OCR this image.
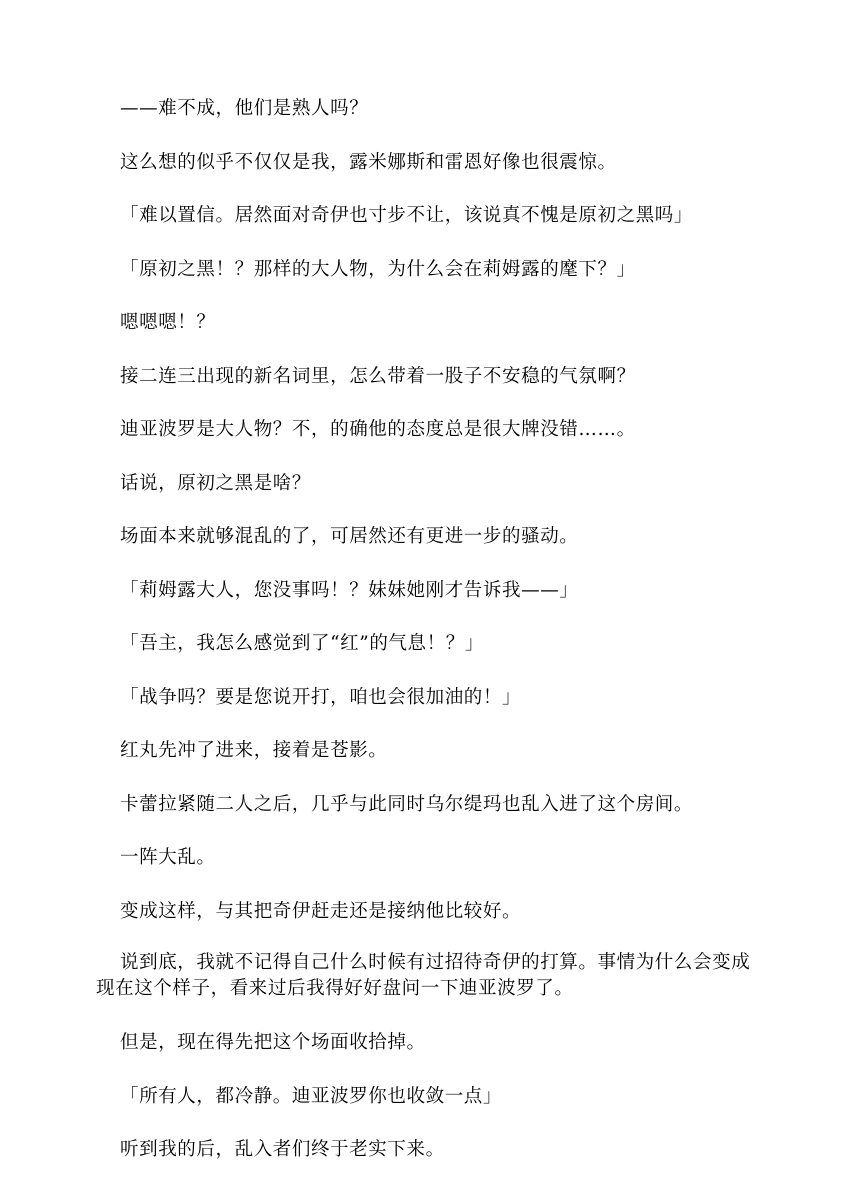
——难不成，他们是熟人吗？

这么想的似乎不仅仅是我，露米娜斯和雷恩好像也很震惊。

「难以置信。居然面对奇伊也寸步不让，该说真不愧是原初之黑吗」

「原初之黑！？那样的大人物，为什么会在莉姆露的麾下？」

嗯嗯嗯！？

接二连三出现的新名词里，怎么带着一股子不安稳的气氛啊？

迪亚波罗是大人物？不，的确他的态度总是很大牌没错……。

话说，原初之黑是啥？

场面本来就够混乱的了，可居然还有更进一步的骚动。

「莉姆露大人，您没事吗！？妹妹她刚才告诉我——」

「吾主，我怎么感觉到了“红”的气息！？」

「战争吗？要是您说开打，咱也会很加油的！」

红丸先冲了进来，接着是苍影。

卡蕾拉紧随二人之后，几乎与此同时乌尔缇玛也乱入进了这个房间。

一阵大乱。

变成这样，与其把奇伊赶走还是接纳他比较好。

说到底，我就不记得自己什么时候有过招待奇伊的打算。事情为什么会变成现在这个样子，看来过后我得好好盘问一下迪亚波罗了。

但是，现在得先把这个场面收拾掉。

「所有人，都冷静。迪亚波罗你也收敛一点」

听到我的后，乱入者们终于老实下来。
